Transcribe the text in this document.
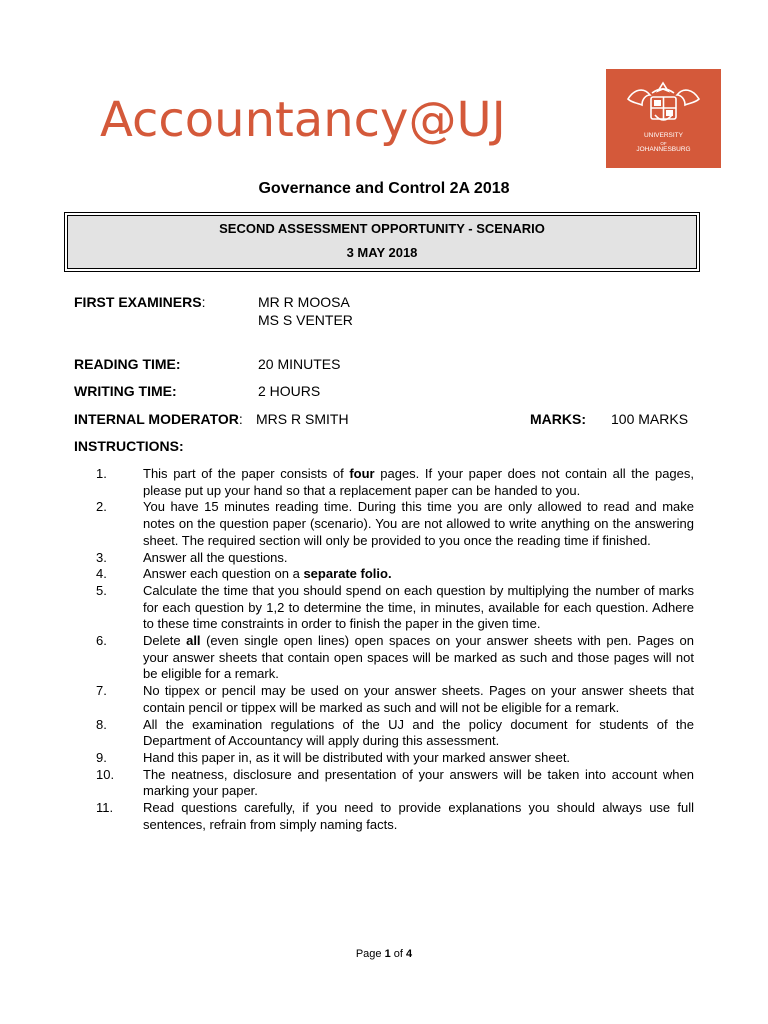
Accountancy@UJ	UNIVERSITY
OF
JOHANNESBURG
Governance and Control 2A 2018
SECOND ASSESSMENT OPPORTUNITY - SCENARIO
3 MAY 2018
FIRST EXAMINERS:	MR R MOOSA
MS S VENTER
READING TIME:	20 MINUTES
WRITING TIME:	2 HOURS
INTERNAL MODERATOR: MRS R SMITH	MARKS: 100 MARKS
INSTRUCTIONS:
1.	This part of the paper consists of four pages. If your paper does not contain all the pages, please put up your hand so that a replacement paper can be handed to you.
2.	You have 15 minutes reading time. During this time you are only allowed to read and make notes on the question paper (scenario). You are not allowed to write anything on the answering sheet. The required section will only be provided to you once the reading time if finished.
3.	Answer all the questions.
4.	Answer each question on a separate folio.
5.	Calculate the time that you should spend on each question by multiplying the number of marks for each question by 1,2 to determine the time, in minutes, available for each question. Adhere to these time constraints in order to finish the paper in the given time.
6.	Delete all (even single open lines) open spaces on your answer sheets with pen. Pages on your answer sheets that contain open spaces will be marked as such and those pages will not be eligible for a remark.
7.	No tippex or pencil may be used on your answer sheets. Pages on your answer sheets that contain pencil or tippex will be marked as such and will not be eligible for a remark.
8.	All the examination regulations of the UJ and the policy document for students of the Department of Accountancy will apply during this assessment.
9.	Hand this paper in, as it will be distributed with your marked answer sheet.
10. The neatness, disclosure and presentation of your answers will be taken into account when marking your paper.
11. Read questions carefully, if you need to provide explanations you should always use full sentences, refrain from simply naming facts.
Page 1 of 4
